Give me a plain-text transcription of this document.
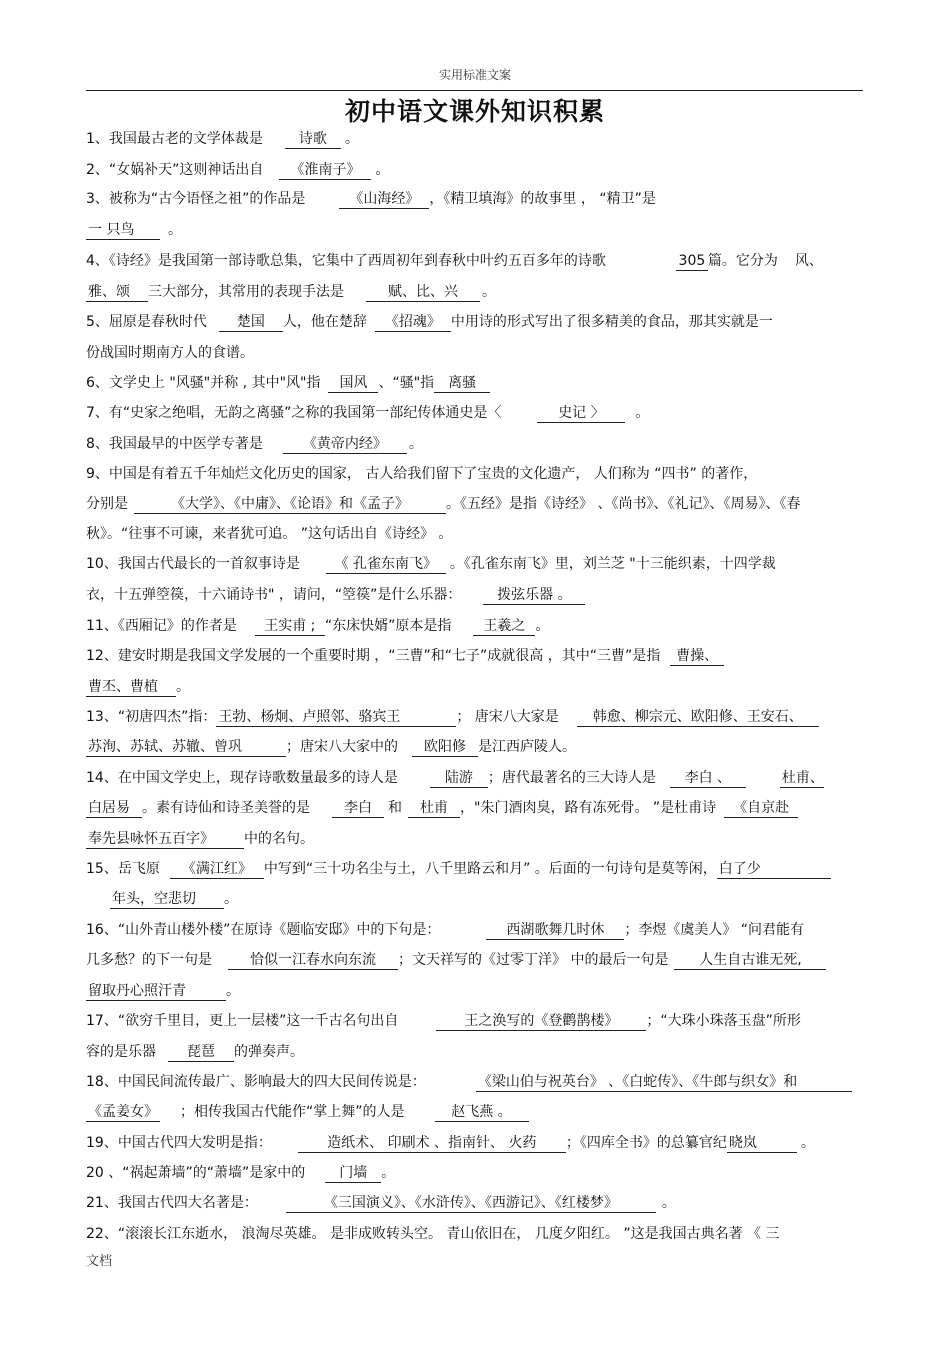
实用标准文案
初中语文课外知识积累
1、我国最古老的文学体裁是	诗歌 。
2、“女娲补天”这则神话出自 《淮南子》 。
3、被称为“古今语怪之祖”的作品是	《山海经》 ，《精卫填海》的故事里 ， “精卫”是
一 只鸟 。
4、《诗经》是我国第一部诗歌总集，它集中了西周初年到春秋中叶约五百多年的诗歌	305 篇。它分为 风、
雅、颂 三大部分，其常用的表现手法是	赋、比、兴 。
5、屈原是春秋时代 楚国 人，他在楚辞 《招魂》 中用诗的形式写出了很多精美的食品，那其实就是一
份战国时期南方人的食谱。
6、文学史上 "风骚"并称 , 其中"风"指 国风 、“骚"指 离骚
7、有“史家之绝唱，无韵之离骚”之称的我国第一部纪传体通史是〈	史记 〉 。
8、我国最早的中医学专著是	《黄帝内经》 。
9、中国是有着五千年灿烂文化历史的国家， 古人给我们留下了宝贵的文化遗产， 人们称为 “四书” 的著作，
分别是	《大学》、《中庸》、《论语》和《孟子》	。《五经》是指《诗经》 、《尚书》、《礼记》、《周易》、《春
秋》。“往事不可谏，来者犹可追。 ”这句话出自《诗经》 。
10、我国古代最长的一首叙事诗是 《 孔雀东南飞》 。《孔雀东南飞》里，刘兰芝 "十三能织素，十四学裁
衣，十五弹箜篌，十六诵诗书" ，请问，“箜篌”是什么乐器：	拨弦乐器 。
11、《西厢记》的作者是 王实甫 ; “东床快婿”原本是指 王羲之 。
12、建安时期是我国文学发展的一个重要时期 ，“三曹”和“七子”成就很高 ，其中“三曹”是指 曹操、
曹丕、曹植 。
13、“初唐四杰”指： 王勃、杨炯、卢照邻、骆宾王	； 唐宋八大家是 韩愈、柳宗元、欧阳修、王安石、
苏洵、苏轼、苏辙、曾巩	；唐宋八大家中的 欧阳修 是江西庐陵人。
14、在中国文学史上，现存诗歌数量最多的诗人是	陆游 ；唐代最著名的三大诗人是 李白 、	杜甫、
白居易 。素有诗仙和诗圣美誉的是 李白 和 杜甫 ，"朱门酒肉臭，路有冻死骨。 ”是杜甫诗 《自京赴
奉先县咏怀五百字》 中的名句。
15、岳飞原 《满江红》 中写到“三十功名尘与土，八千里路云和月” 。后面的一句诗句是莫等闲， 白了少
年头，空悲切 。
16、“山外青山楼外楼”在原诗《题临安邸》中的下句是：	西湖歌舞几时休 ；李煜《虞美人》 “问君能有
几多愁？的下一句是	恰似一江春水向东流 ；文天祥写的《过零丁洋》 中的最后一句是 人生自古谁无死,
留取丹心照汗青	。
17、“欲穷千里目，更上一层楼”这一千古名句出自	王之涣写的《登鹳鹊楼》 ；“大珠小珠落玉盘”所形
容的是乐器 琵琶 的弹奏声。
18、中国民间流传最广、影响最大的四大民间传说是：	《梁山伯与祝英台》 、《白蛇传》、《牛郎与织女》和
《孟姜女》 ；相传我国古代能作“掌上舞”的人是	赵飞燕 。
19、中国古代四大发明是指：	造纸术、 印刷术 、指南针、 火药 ；《四库全书》的总纂官纪 晓岚	。
20 、“祸起萧墙”的“萧墙”是家中的 门墙 。
21、我国古代四大名著是：	《三国演义》、《水浒传》、《西游记》、《红楼梦》	。
22、“滚滚长江东逝水， 浪淘尽英雄。 是非成败转头空。 青山依旧在， 几度夕阳红。 ”这是我国古典名著 《 三
文档
